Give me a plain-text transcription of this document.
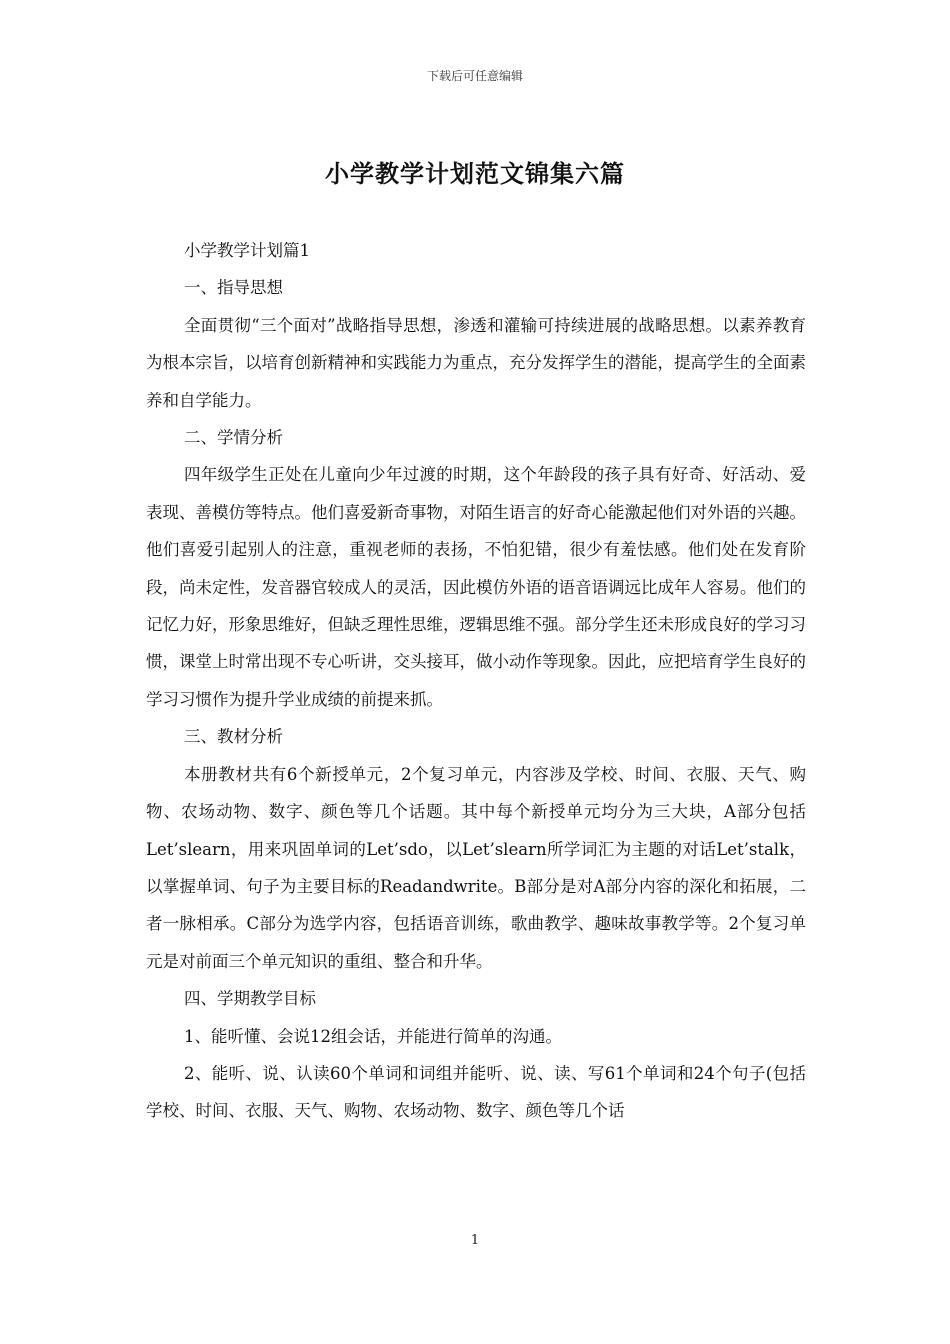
下载后可任意编辑
小学教学计划范文锦集六篇

小学教学计划篇1

一、指导思想

全面贯彻“三个面对”战略指导思想，渗透和灌输可持续进展的战略思想。以素养教育为根本宗旨，以培育创新精神和实践能力为重点，充分发挥学生的潜能，提高学生的全面素养和自学能力。

二、学情分析

四年级学生正处在儿童向少年过渡的时期，这个年龄段的孩子具有好奇、好活动、爱表现、善模仿等特点。他们喜爱新奇事物，对陌生语言的好奇心能激起他们对外语的兴趣。他们喜爱引起别人的注意，重视老师的表扬，不怕犯错，很少有羞怯感。他们处在发育阶段，尚未定性，发音器官较成人的灵活，因此模仿外语的语音语调远比成年人容易。他们的记忆力好，形象思维好，但缺乏理性思维，逻辑思维不强。部分学生还未形成良好的学习习惯，课堂上时常出现不专心听讲，交头接耳，做小动作等现象。因此，应把培育学生良好的学习习惯作为提升学业成绩的前提来抓。

三、教材分析

本册教材共有6个新授单元，2个复习单元，内容涉及学校、时间、衣服、天气、购物、农场动物、数字、颜色等几个话题。其中每个新授单元均分为三大块，A部分包括Let’slearn，用来巩固单词的Let’sdo，以Let’slearn所学词汇为主题的对话Let’stalk，以掌握单词、句子为主要目标的Readandwrite。B部分是对A部分内容的深化和拓展，二者一脉相承。C部分为选学内容，包括语音训练，歌曲教学、趣味故事教学等。2个复习单元是对前面三个单元知识的重组、整合和升华。

四、学期教学目标

1、能听懂、会说12组会话，并能进行简单的沟通。

2、能听、说、认读60个单词和词组并能听、说、读、写61个单词和24个句子(包括学校、时间、衣服、天气、购物、农场动物、数字、颜色等几个话

1
